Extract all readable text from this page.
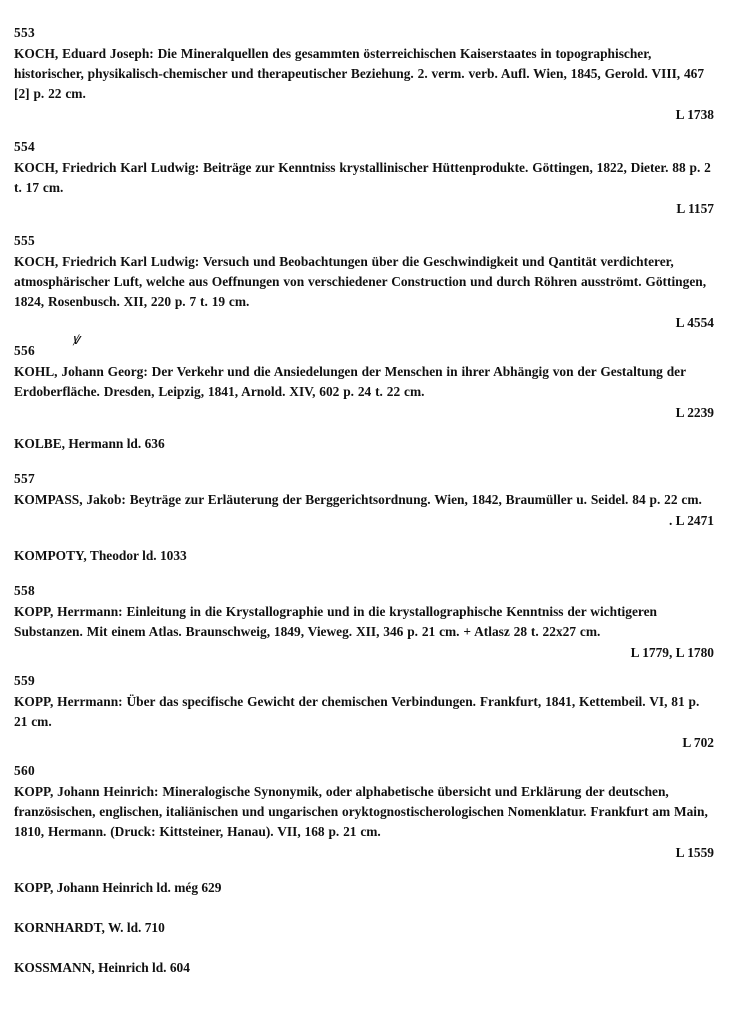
553

KOCH, Eduard Joseph: Die Mineralquellen des gesammten österreichischen Kaiserstaates in topographischer, historischer, physikalisch-chemischer und therapeutischer Beziehung. 2. verm. verb. Aufl. Wien, 1845, Gerold. VIII, 467 [2] p. 22 cm.

L 1738

554

KOCH, Friedrich Karl Ludwig: Beiträge zur Kenntniss krystallinischer Hüttenprodukte. Göttingen, 1822, Dieter. 88 p. 2 t. 17 cm.

L 1157

555

KOCH, Friedrich Karl Ludwig: Versuch und Beobachtungen über die Geschwindigkeit und Qantität verdichterer, atmosphärischer Luft, welche aus Oeffnungen von verschiedener Construction und durch Röhren ausströmt. Göttingen, 1824, Rosenbusch. XII, 220 p. 7 t. 19 cm.

L 4554

556
ꝟ

KOHL, Johann Georg: Der Verkehr und die Ansiedelungen der Menschen in ihrer Abhängig von der Gestaltung der Erdoberfläche. Dresden, Leipzig, 1841, Arnold. XIV, 602 p. 24 t. 22 cm.

L 2239

KOLBE, Hermann ld. 636

557

KOMPASS, Jakob: Beyträge zur Erläuterung der Berggerichtsordnung. Wien, 1842, Braumüller u. Seidel. 84 p. 22 cm.

. L 2471

KOMPOTY, Theodor ld. 1033

558

KOPP, Herrmann: Einleitung in die Krystallographie und in die krystallographische Kenntniss der wichtigeren Substanzen. Mit einem Atlas. Braunschweig, 1849, Vieweg. XII, 346 p. 21 cm. + Atlasz 28 t. 22x27 cm.

L 1779, L 1780

559

KOPP, Herrmann: Über das specifische Gewicht der chemischen Verbindungen. Frankfurt, 1841, Kettembeil. VI, 81 p. 21 cm.

L 702

560

KOPP, Johann Heinrich: Mineralogische Synonymik, oder alphabetische übersicht und Erklärung der deutschen, französischen, englischen, italiänischen und ungarischen oryktognostischerologischen Nomenklatur. Frankfurt am Main, 1810, Hermann. (Druck: Kittsteiner, Hanau). VII, 168 p. 21 cm.

L 1559

KOPP, Johann Heinrich ld. még 629

KORNHARDT, W. ld. 710

KOSSMANN, Heinrich ld. 604
